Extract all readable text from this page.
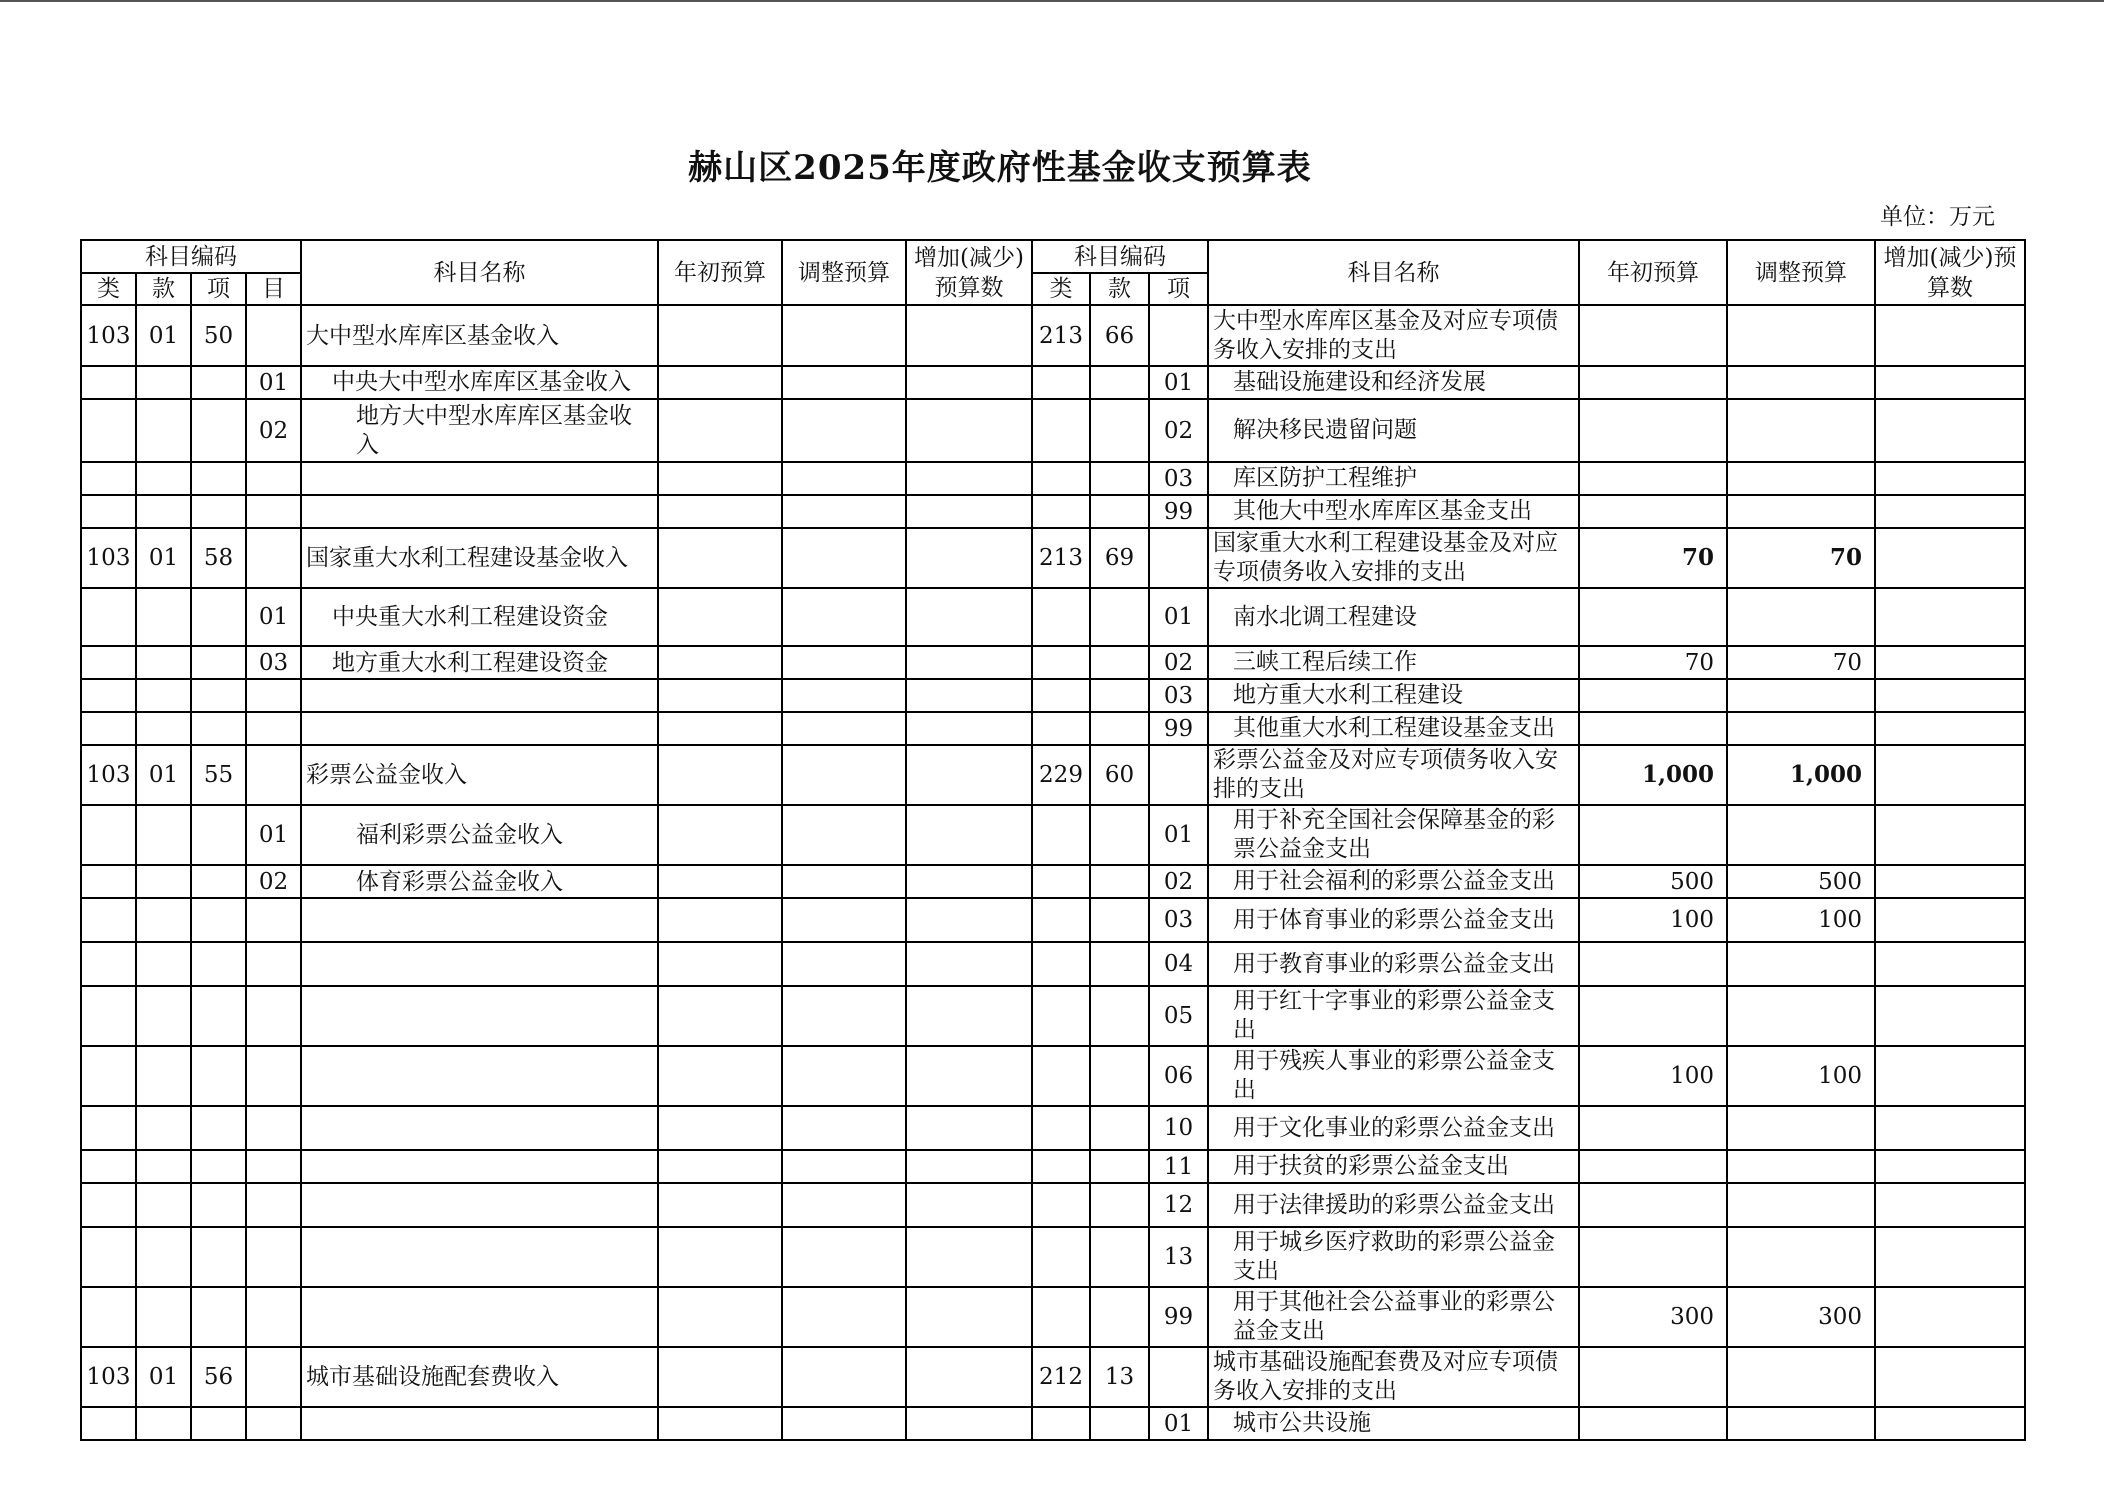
赫山区2025年度政府性基金收支预算表
单位：万元
科目编码				科目名称	年初预算	调整预算	增加(减少)预算数	科目编码			科目名称	年初预算	调整预算	增加(减少)预算数
类	款	项	目					类	款	项				
103	01	50		大中型水库库区基金收入				213	66		大中型水库库区基金及对应专项债务收入安排的支出			
			01	中央大中型水库库区基金收入						01	基础设施建设和经济发展			
			02	地方大中型水库库区基金收入						02	解决移民遗留问题			
										03	库区防护工程维护			
										99	其他大中型水库库区基金支出			
103	01	58		国家重大水利工程建设基金收入				213	69		国家重大水利工程建设基金及对应专项债务收入安排的支出	70	70	
			01	中央重大水利工程建设资金						01	南水北调工程建设			
			03	地方重大水利工程建设资金						02	三峡工程后续工作	70	70	
										03	地方重大水利工程建设			
										99	其他重大水利工程建设基金支出			
103	01	55		彩票公益金收入				229	60		彩票公益金及对应专项债务收入安排的支出	1,000	1,000	
			01	福利彩票公益金收入						01	用于补充全国社会保障基金的彩票公益金支出			
			02	体育彩票公益金收入						02	用于社会福利的彩票公益金支出	500	500	
										03	用于体育事业的彩票公益金支出	100	100	
										04	用于教育事业的彩票公益金支出			
										05	用于红十字事业的彩票公益金支出			
										06	用于残疾人事业的彩票公益金支出	100	100	
										10	用于文化事业的彩票公益金支出			
										11	用于扶贫的彩票公益金支出			
										12	用于法律援助的彩票公益金支出			
										13	用于城乡医疗救助的彩票公益金支出			
										99	用于其他社会公益事业的彩票公益金支出	300	300	
103	01	56		城市基础设施配套费收入				212	13		城市基础设施配套费及对应专项债务收入安排的支出			
										01	城市公共设施			
